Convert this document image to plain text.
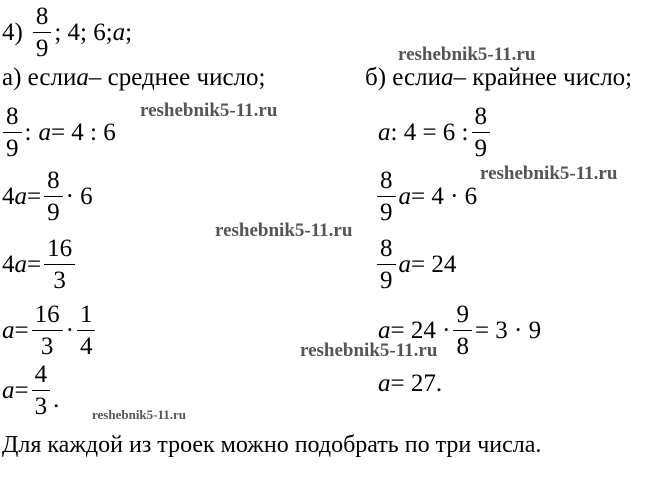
$4) \frac{8}{9}$ ; 4; 6; a ;
а) если a – среднее число;
$\frac{8}{9}$ : a = 4 : 6
4 $a = \frac{8}{9} \cdot 6$
4 $a = \frac{16}{3}$
$a = \frac{16}{3} \cdot \frac{1}{4}$
$a = \frac{4}{3}$ .
б) если a – крайнее число;
a : 4 = 6 : $\frac{8}{9}$
$\frac{8}{9}$ a = 4 · 6
$\frac{8}{9}$ a = 24
$a = 24 \cdot \frac{9}{8} = 3 \cdot 9$
a = 27.
Для каждой из троек можно подобрать по три числа.
reshebnik5-11.ru
reshebnik5-11.ru
reshebnik5-11.ru
reshebnik5-11.ru
reshebnik5-11.ru
reshebnik5-11.ru
